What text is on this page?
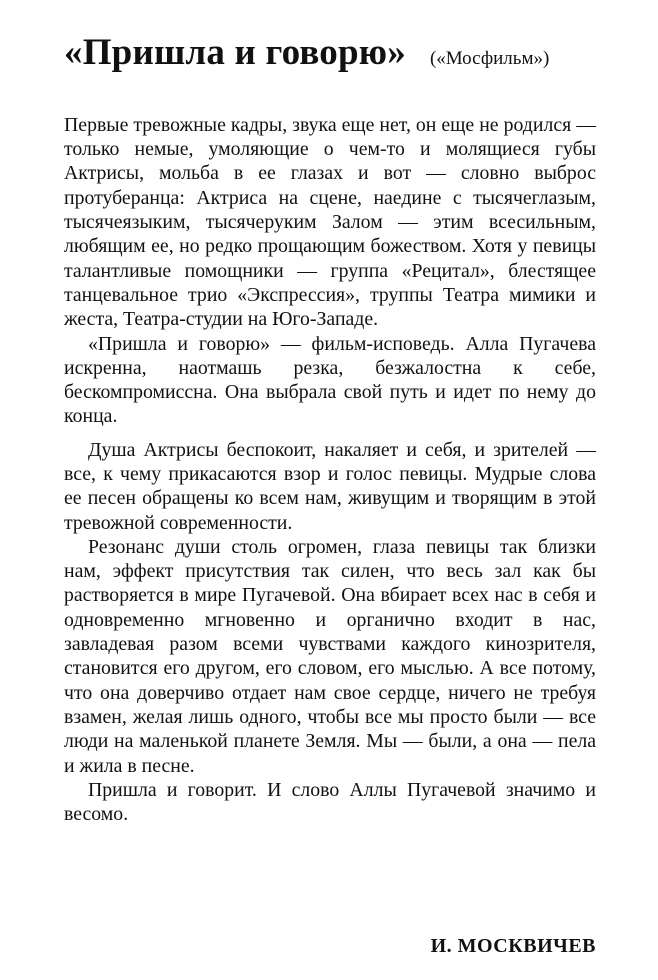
«Пришла и говорю» («Мосфильм»)

Первые тревожные кадры, звука еще нет, он еще не родился — только немые, умоляющие о чем-то и молящиеся губы Актрисы, мольба в ее глазах и вот — словно выброс протуберанца: Актриса на сцене, наедине с тысячеглазым, тысячеязыким, тысячеруким Залом — этим всесильным, любящим ее, но редко прощающим божеством. Хотя у певицы талантливые помощники — группа «Рецитал», блестящее танцевальное трио «Экспрессия», труппы Театра мимики и жеста, Театра-студии на Юго-Западе.

«Пришла и говорю» — фильм-исповедь. Алла Пугачева искренна, наотмашь резка, безжалостна к себе, бескомпромиссна. Она выбрала свой путь и идет по нему до конца.

Душа Актрисы беспокоит, накаляет и себя, и зрителей — все, к чему прикасаются взор и голос певицы. Мудрые слова ее песен обращены ко всем нам, живущим и творящим в этой тревожной современности.

Резонанс души столь огромен, глаза певицы так близки нам, эффект присутствия так силен, что весь зал как бы растворяется в мире Пугачевой. Она вбирает всех нас в себя и одновременно мгновенно и органично входит в нас, завладевая разом всеми чувствами каждого кинозрителя, становится его другом, его словом, его мыслью. А все потому, что она доверчиво отдает нам свое сердце, ничего не требуя взамен, желая лишь одного, чтобы все мы просто были — все люди на маленькой планете Земля. Мы — были, а она — пела и жила в песне.

Пришла и говорит. И слово Аллы Пугачевой значимо и весомо.

И. МОСКВИЧЕВ
